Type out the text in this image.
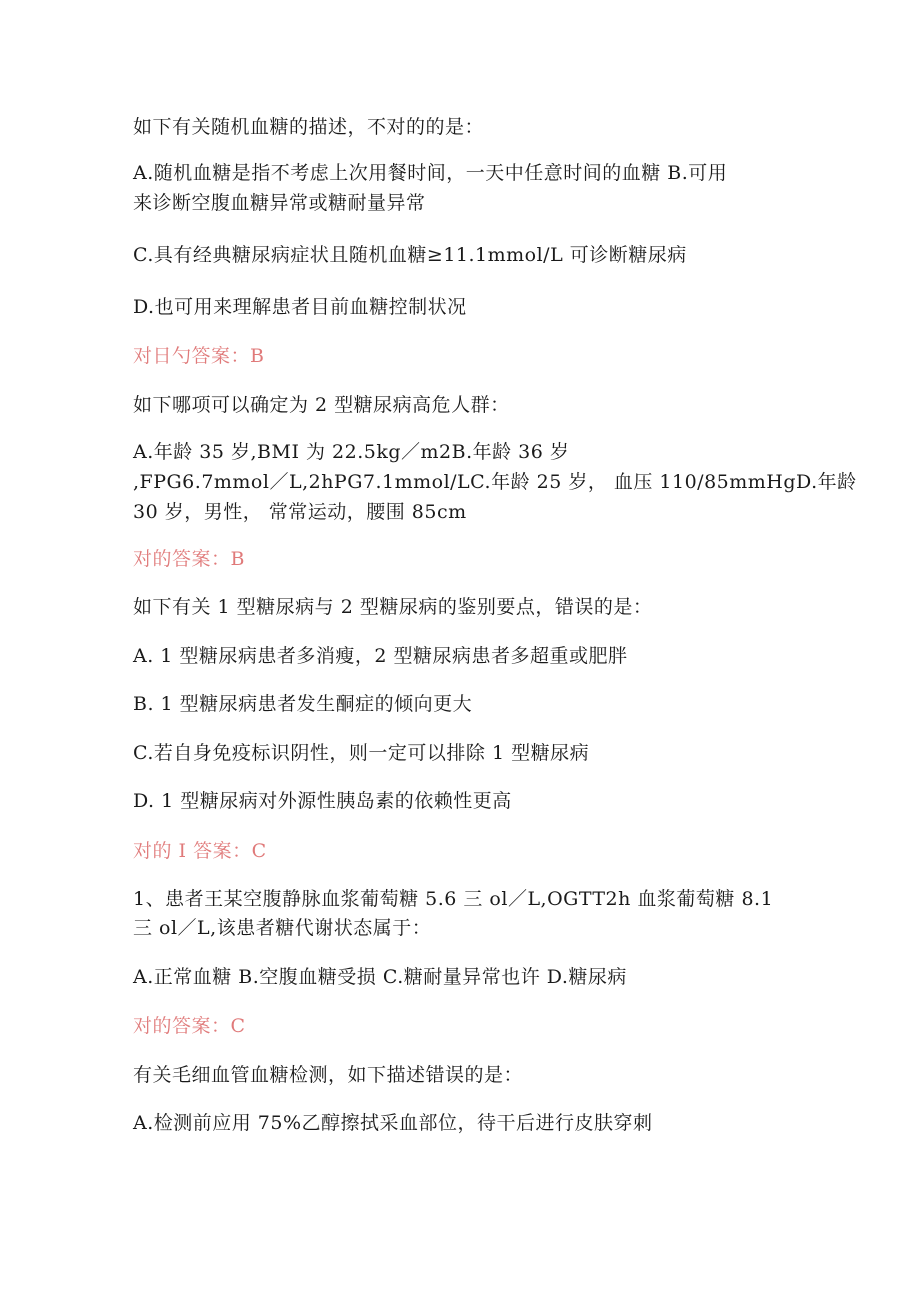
如下有关随机血糖的描述，不对的的是：
A.随机血糖是指不考虑上次用餐时间，一天中任意时间的血糖 B.可用
来诊断空腹血糖异常或糖耐量异常
C.具有经典糖尿病症状且随机血糖≥11.1mmol/L 可诊断糖尿病
D.也可用来理解患者目前血糖控制状况
对日勺答案：B
如下哪项可以确定为 2 型糖尿病高危人群：
A.年龄 35 岁,BMI 为 22.5kg／m2B.年龄 36 岁
,FPG6.7mmol／L,2hPG7.1mmol/LC.年龄 25 岁， 血压 110/85mmHgD.年龄
30 岁，男性， 常常运动，腰围 85cm
对的答案：B
如下有关 1 型糖尿病与 2 型糖尿病的鉴别要点，错误的是：
A. 1 型糖尿病患者多消瘦，2 型糖尿病患者多超重或肥胖
B. 1 型糖尿病患者发生酮症的倾向更大
C.若自身免疫标识阴性，则一定可以排除 1 型糖尿病
D. 1 型糖尿病对外源性胰岛素的依赖性更高
对的 I 答案：C
1、患者王某空腹静脉血浆葡萄糖 5.6 三 ol／L,OGTT2h 血浆葡萄糖 8.1
三 ol／L,该患者糖代谢状态属于：
A.正常血糖 B.空腹血糖受损 C.糖耐量异常也许 D.糖尿病
对的答案：C
有关毛细血管血糖检测，如下描述错误的是：
A.检测前应用 75%乙醇擦拭采血部位，待干后进行皮肤穿刺
